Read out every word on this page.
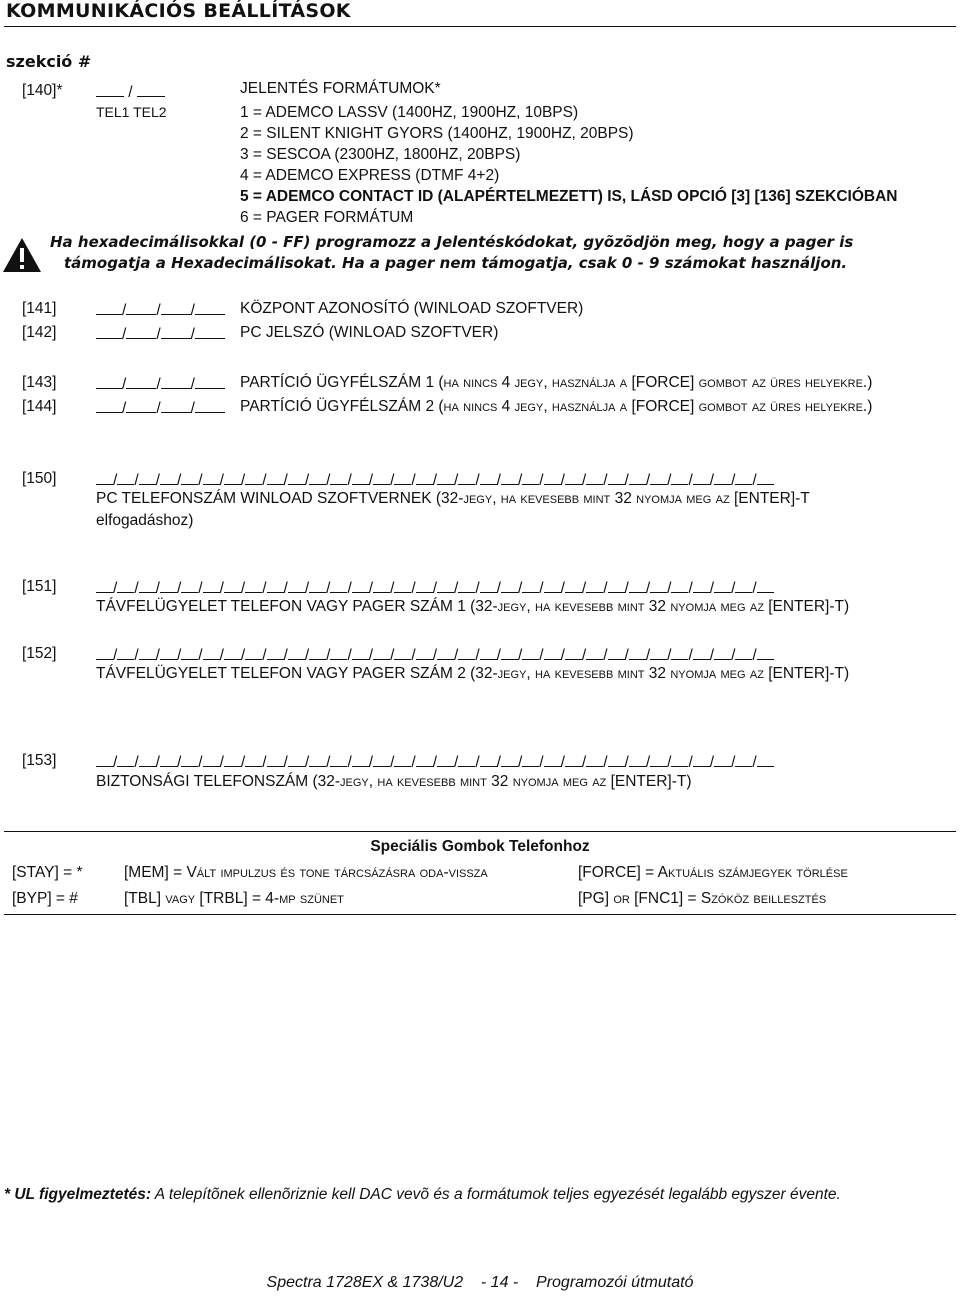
KOMMUNIKÁCIÓS BEÁLLÍTÁSOK
szekció #
[140]*	/
TEL1 TEL2
JELENTÉS FORMÁTUMOK*
1 = ADEMCO LASSV (1400HZ, 1900HZ, 10BPS)
2 = SILENT KNIGHT GYORS (1400HZ, 1900HZ, 20BPS)
3 = SESCOA (2300HZ, 1800HZ, 20BPS)
4 = ADEMCO EXPRESS (DTMF 4+2)
5 = ADEMCO CONTACT ID (ALAPÉRTELMEZETT) IS, LÁSD OPCIÓ [3] [136] SZEKCIÓBAN
6 = PAGER FORMÁTUM
Ha hexadecimálisokkal (0 - FF) programozz a Jelentéskódokat, gyõzõdjön meg, hogy a pager is
támogatja a Hexadecimálisokat. Ha a pager nem támogatja, csak 0 - 9 számokat használjon.
[141]	/ / /	KÖZPONT AZONOSÍTÓ (WINLOAD SZOFTVER)
[142]	/ / /	PC JELSZÓ (WINLOAD SZOFTVER)
[143]	/ / /	PARTÍCIÓ ÜGYFÉLSZÁM 1 (ha nincs 4 jegy, használja a [FORCE] gombot az üres helyekre.)
[144]	/ / /	PARTÍCIÓ ÜGYFÉLSZÁM 2 (ha nincs 4 jegy, használja a [FORCE] gombot az üres helyekre.)
[150]	/ / / / / / / / / / / / / / / / / / / / / / / / / / / / / / /
PC TELEFONSZÁM WINLOAD SZOFTVERNEK (32-jegy, ha kevesebb mint 32 nyomja meg az [ENTER]-T
elfogadáshoz)
[151]	/ / / / / / / / / / / / / / / / / / / / / / / / / / / / / / /
TÁVFELÜGYELET TELEFON VAGY PAGER SZÁM 1 (32-jegy, ha kevesebb mint 32 nyomja meg az [ENTER]-T)
[152]	/ / / / / / / / / / / / / / / / / / / / / / / / / / / / / / /
TÁVFELÜGYELET TELEFON VAGY PAGER SZÁM 2 (32-jegy, ha kevesebb mint 32 nyomja meg az [ENTER]-T)
[153]	/ / / / / / / / / / / / / / / / / / / / / / / / / / / / / / /
BIZTONSÁGI TELEFONSZÁM (32-jegy, ha kevesebb mint 32 nyomja meg az [ENTER]-T)
Speciális Gombok Telefonhoz
[STAY] = *	[MEM] = Vált impulzus és tone tárcsázásra oda-vissza	[FORCE] = Aktuális számjegyek törlése
[BYP] = #	[TBL] vagy [TRBL] = 4-mp szünet	[PG] or [FNC1] = Szóköz beillesztés
* UL figyelmeztetés: A telepítõnek ellenõriznie kell DAC vevõ és a formátumok teljes egyezését legalább egyszer évente.
Spectra 1728EX & 1738/U2    - 14 -    Programozói útmutató
